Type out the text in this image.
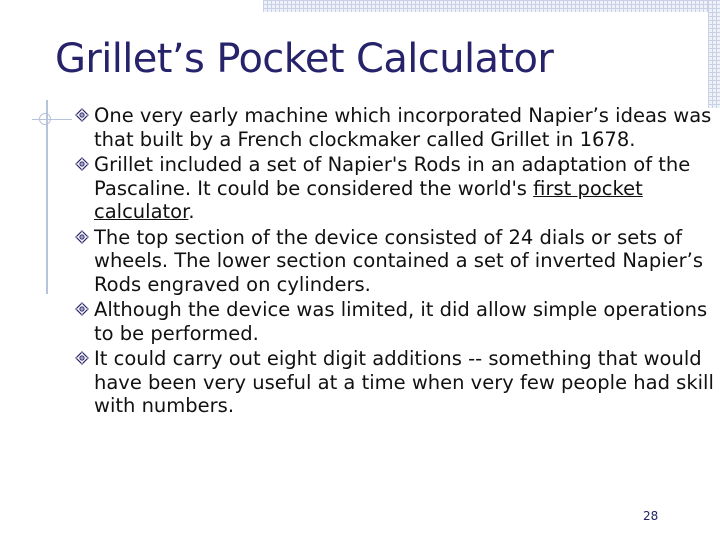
Grillet’s Pocket Calculator
One very early machine which incorporated Napier’s ideas was that built by a French clockmaker called Grillet in 1678.
Grillet included a set of Napier's Rods in an adaptation of the Pascaline. It could be considered the world's first pocket calculator.
The top section of the device consisted of 24 dials or sets of wheels. The lower section contained a set of inverted Napier’s Rods engraved on cylinders.
Although the device was limited, it did allow simple operations to be performed.
It could carry out eight digit additions -- something that would have been very useful at a time when very few people had skill with numbers.
28
